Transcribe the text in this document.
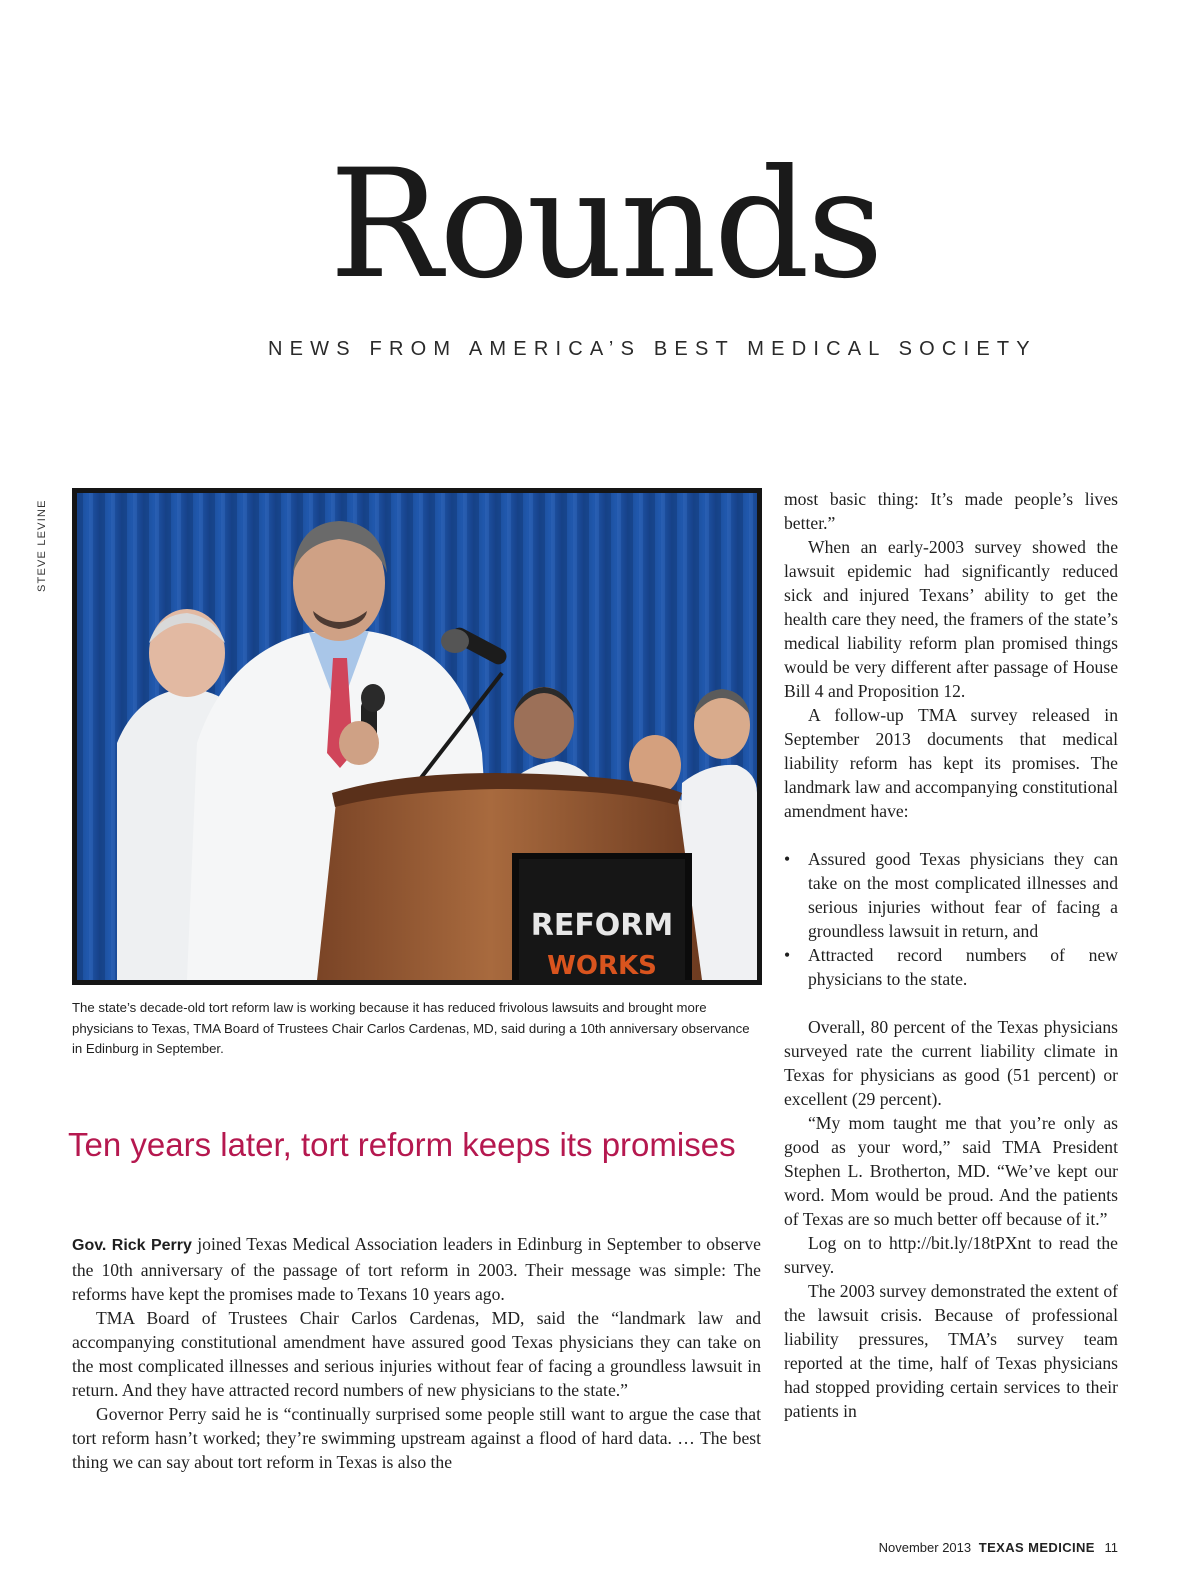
Rounds
NEWS FROM AMERICA’S BEST MEDICAL SOCIETY
STEVE LEVINE
REFORM
WORKS
The state’s decade-old tort reform law is working because it has reduced frivolous lawsuits and brought more physicians to Texas, TMA Board of Trustees Chair Carlos Cardenas, MD, said during a 10th anniversary observance in Edinburg in September.
Ten years later, tort reform keeps its promises

Gov. Rick Perry joined Texas Medical Association leaders in Edinburg in September to observe the 10th anniversary of the passage of tort reform in 2003. Their message was simple: The reforms have kept the promises made to Texans 10 years ago.

TMA Board of Trustees Chair Carlos Cardenas, MD, said the “landmark law and accompanying constitutional amendment have assured good Texas physicians they can take on the most complicated illnesses and serious injuries without fear of facing a groundless lawsuit in return. And they have attracted record numbers of new physicians to the state.”

Governor Perry said he is “continually surprised some people still want to argue the case that tort reform hasn’t worked; they’re swimming upstream against a flood of hard data. … The best thing we can say about tort reform in Texas is also the

most basic thing: It’s made people’s lives better.”

When an early-2003 survey showed the lawsuit epidemic had significantly reduced sick and injured Texans’ ability to get the health care they need, the framers of the state’s medical liability reform plan promised things would be very different after passage of House Bill 4 and Proposition 12.

A follow-up TMA survey released in September 2013 documents that medical liability reform has kept its promises. The landmark law and accompanying constitutional amendment have:

• Assured good Texas physicians they can take on the most complicated illnesses and serious injuries without fear of facing a groundless lawsuit in return, and
• Attracted record numbers of new physicians to the state.

Overall, 80 percent of the Texas physicians surveyed rate the current liability climate in Texas for physicians as good (51 percent) or excellent (29 percent).

“My mom taught me that you’re only as good as your word,” said TMA President Stephen L. Brotherton, MD. “We’ve kept our word. Mom would be proud. And the patients of Texas are so much better off because of it.”

Log on to http://bit.ly/18tPXnt to read the survey.

The 2003 survey demonstrated the extent of the lawsuit crisis. Because of professional liability pressures, TMA’s survey team reported at the time, half of Texas physicians had stopped providing certain services to their patients in

November 2013 TEXAS MEDICINE 11
